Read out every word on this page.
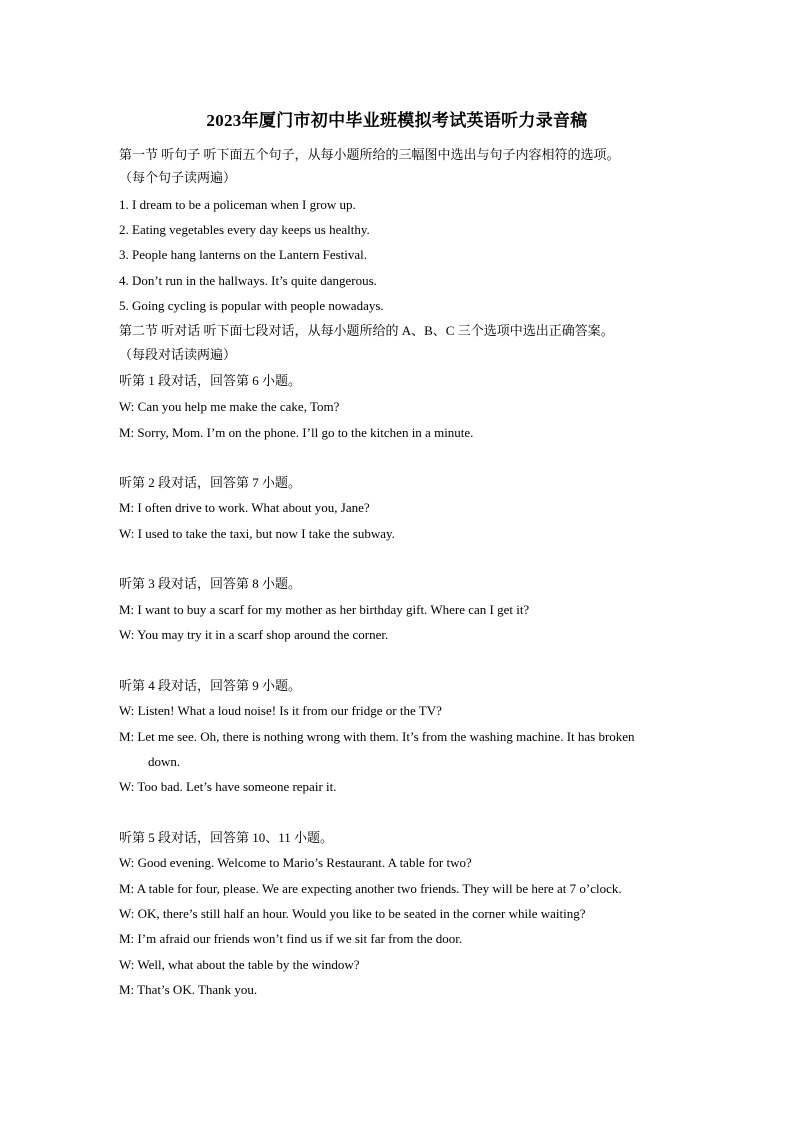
2023年厦门市初中毕业班模拟考试英语听力录音稿
第一节 听句子 听下面五个句子，从每小题所给的三幅图中选出与句子内容相符的选项。
（每个句子读两遍）
1. I dream to be a policeman when I grow up.
2. Eating vegetables every day keeps us healthy.
3. People hang lanterns on the Lantern Festival.
4. Don’t run in the hallways. It’s quite dangerous.
5. Going cycling is popular with people nowadays.
第二节 听对话 听下面七段对话，从每小题所给的 A、B、C 三个选项中选出正确答案。
（每段对话读两遍）
听第 1 段对话，回答第 6 小题。
W: Can you help me make the cake, Tom?
M: Sorry, Mom. I’m on the phone. I’ll go to the kitchen in a minute.
听第 2 段对话，回答第 7 小题。
M: I often drive to work. What about you, Jane?
W: I used to take the taxi, but now I take the subway.
听第 3 段对话，回答第 8 小题。
M: I want to buy a scarf for my mother as her birthday gift. Where can I get it?
W: You may try it in a scarf shop around the corner.
听第 4 段对话，回答第 9 小题。
W: Listen! What a loud noise! Is it from our fridge or the TV?
M: Let me see. Oh, there is nothing wrong with them. It’s from the washing machine. It has broken
down.
W: Too bad. Let’s have someone repair it.
听第 5 段对话，回答第 10、11 小题。
W: Good evening. Welcome to Mario’s Restaurant. A table for two?
M: A table for four, please. We are expecting another two friends. They will be here at 7 o’clock.
W: OK, there’s still half an hour. Would you like to be seated in the corner while waiting?
M: I’m afraid our friends won’t find us if we sit far from the door.
W: Well, what about the table by the window?
M: That’s OK. Thank you.
